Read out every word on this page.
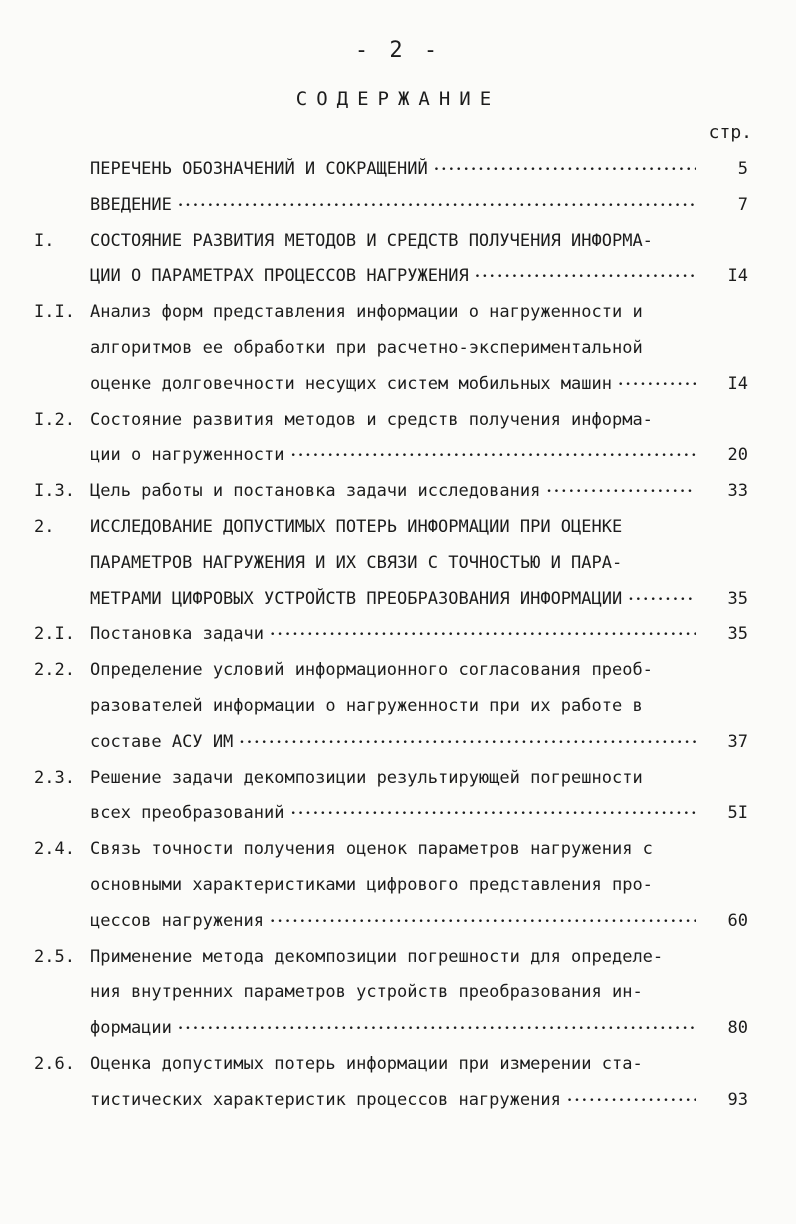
- 2 -
СОДЕРЖАНИЕ
стр.
ПЕРЕЧЕНЬ ОБОЗНАЧЕНИЙ И СОКРАЩЕНИЙ •••••	5
ВВЕДЕНИЕ •••••	7
I.	СОСТОЯНИЕ РАЗВИТИЯ МЕТОДОВ И СРЕДСТВ ПОЛУЧЕНИЯ ИНФОРМА-
ЦИИ О ПАРАМЕТРАХ ПРОЦЕССОВ НАГРУЖЕНИЯ •••••	I4
I.I. Анализ форм представления информации о нагруженности и
алгоритмов ее обработки при расчетно-экспериментальной
оценке долговечности несущих систем мобильных машин •••••	I4
I.2. Состояние развития методов и средств получения информа-
ции о нагруженности •••••	20
I.3. Цель работы и постановка задачи исследования •••••	33
2.	ИССЛЕДОВАНИЕ ДОПУСТИМЫХ ПОТЕРЬ ИНФОРМАЦИИ ПРИ ОЦЕНКЕ
ПАРАМЕТРОВ НАГРУЖЕНИЯ И ИХ СВЯЗИ С ТОЧНОСТЬЮ И ПАРА-
МЕТРАМИ ЦИФРОВЫХ УСТРОЙСТВ ПРЕОБРАЗОВАНИЯ ИНФОРМАЦИИ •••••	35
2.I. Постановка задачи •••••	35
2.2. Определение условий информационного согласования преоб-
разователей информации о нагруженности при их работе в
составе АСУ ИМ •••••	37
2.3. Решение задачи декомпозиции результирующей погрешности
всех преобразований •••••	5I
2.4. Связь точности получения оценок параметров нагружения с
основными характеристиками цифрового представления про-
цессов нагружения •••••	60
2.5. Применение метода декомпозиции погрешности для определе-
ния внутренних параметров устройств преобразования ин-
формации •••••	80
2.6. Оценка допустимых потерь информации при измерении ста-
тистических характеристик процессов нагружения •••••	93
